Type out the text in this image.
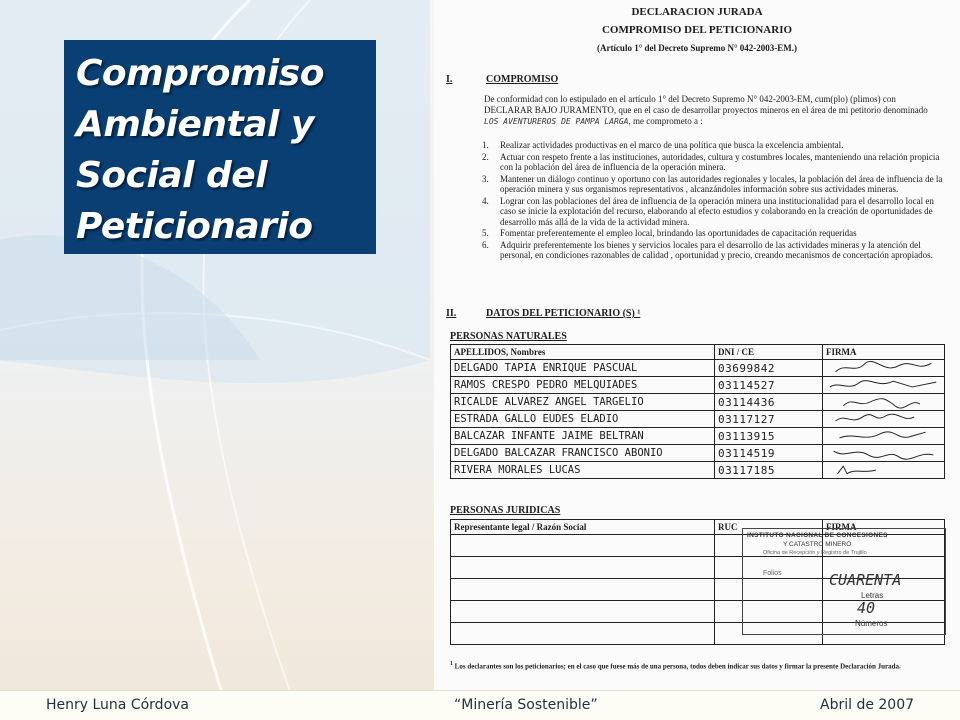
Compromiso
Ambiental y
Social del
Peticionario
DECLARACION JURADA
COMPROMISO DEL PETICIONARIO
(Artículo 1° del Decreto Supremo N° 042-2003-EM.)
I.	COMPROMISO
De conformidad con lo estipulado en el artículo 1° del Decreto Supremo N° 042-2003-EM, cum(plo) (plimos) con DECLARAR BAJO JURAMENTO, que en el caso de desarrollar proyectos mineros en el área de mi petitorio denominado LOS AVENTUREROS DE PAMPA LARGA, me comprometo a :
1. Realizar actividades productivas en el marco de una política que busca la excelencia ambiental.
2. Actuar con respeto frente a las instituciones, autoridades, cultura y costumbres locales, manteniendo una relación propicia con la población del área de influencia de la operación minera.
3. Mantener un diálogo continuo y oportuno con las autoridades regionales y locales, la población del área de influencia de la operación minera y sus organismos representativos , alcanzándoles información sobre sus actividades mineras.
4. Lograr con las poblaciones del área de influencia de la operación minera una institucionalidad para el desarrollo local en caso se inicie la explotación del recurso, elaborando al efecto estudios y colaborando en la creación de oportunidades de desarrollo más allá de la vida de la actividad minera.
5. Fomentar preferentemente el empleo local, brindando las oportunidades de capacitación requeridas
6. Adquirir preferentemente los bienes y servicios locales para el desarrollo de las actividades mineras y la atención del personal, en condiciones razonables de calidad , oportunidad y precio, creando mecanismos de concertación apropiados.
II.	DATOS DEL PETICIONARIO (S) ¹
PERSONAS NATURALES
APELLIDOS, Nombres	DNI / CE	FIRMA
DELGADO TAPIA ENRIQUE PASCUAL	03699842	

RAMOS CRESPO PEDRO MELQUIADES	03114527	

RICALDE ALVAREZ ANGEL TARGELIO	03114436	

ESTRADA GALLO EUDES ELADIO	03117127	

BALCAZAR INFANTE JAIME BELTRAN	03113915	

DELGADO BALCAZAR FRANCISCO ABONIO	03114519	

RIVERA MORALES LUCAS	03117185	
PERSONAS JURIDICAS
Representante legal / Razón Social	RUC	FIRMA

INSTITUTO NACIONAL DE CONCESIONES
Y CATASTRO MINERO
Oficina de Recepción y Registro de Trujillo
Folios	CUARENTA
Letras
40
Números
$^1$ Los declarantes son los peticionarios; en el caso que fuese más de una persona, todos deben indicar sus datos y firmar la presente Declaración Jurada.
Henry Luna Córdova	“Minería Sostenible”	Abril de 2007
